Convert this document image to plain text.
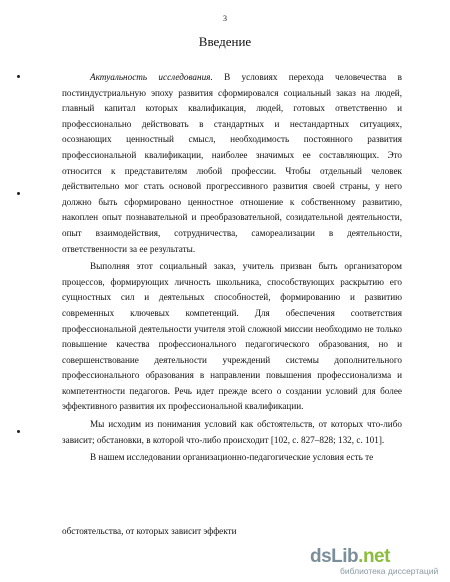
3
Введение

Актуальность исследования. В условиях перехода человечества в постиндустриальную эпоху развития сформировался социальный заказ на людей, главный капитал которых квалификация, людей, готовых ответственно и профессионально действовать в стандартных и нестандартных ситуациях, осознающих ценностный смысл, необходимость постоянного развития профессиональной квалификации, наиболее значимых ее составляющих. Это относится к представителям любой профессии. Чтобы отдельный человек действительно мог стать основой прогрессивного развития своей страны, у него должно быть сформировано ценностное отношение к собственному развитию, накоплен опыт познавательной и преобразовательной, созидательной деятельности, опыт взаимодействия, сотрудничества, самореализации в деятельности, ответственности за ее результаты.

Выполняя этот социальный заказ, учитель призван быть организатором процессов, формирующих личность школьника, способствующих раскрытию его сущностных сил и деятельных способностей, формированию и развитию современных ключевых компетенций. Для обеспечения соответствия профессиональной деятельности учителя этой сложной миссии необходимо не только повышение качества профессионального педагогического образования, но и совершенствование деятельности учреждений системы дополнительного профессионального образования в направлении повышения профессионализма и компетентности педагогов. Речь идет прежде всего о создании условий для более эффективного развития их профессиональной квалификации.

Мы исходим из понимания условий как обстоятельств, от которых что-либо зависит; обстановки, в которой что-либо происходит [102, с. 827–828; 132, с. 101].

В нашем исследовании организационно-педагогические условия есть те

обстоятельства, от которых зависит эффекти
dsLib.net
библиотека диссертаций
